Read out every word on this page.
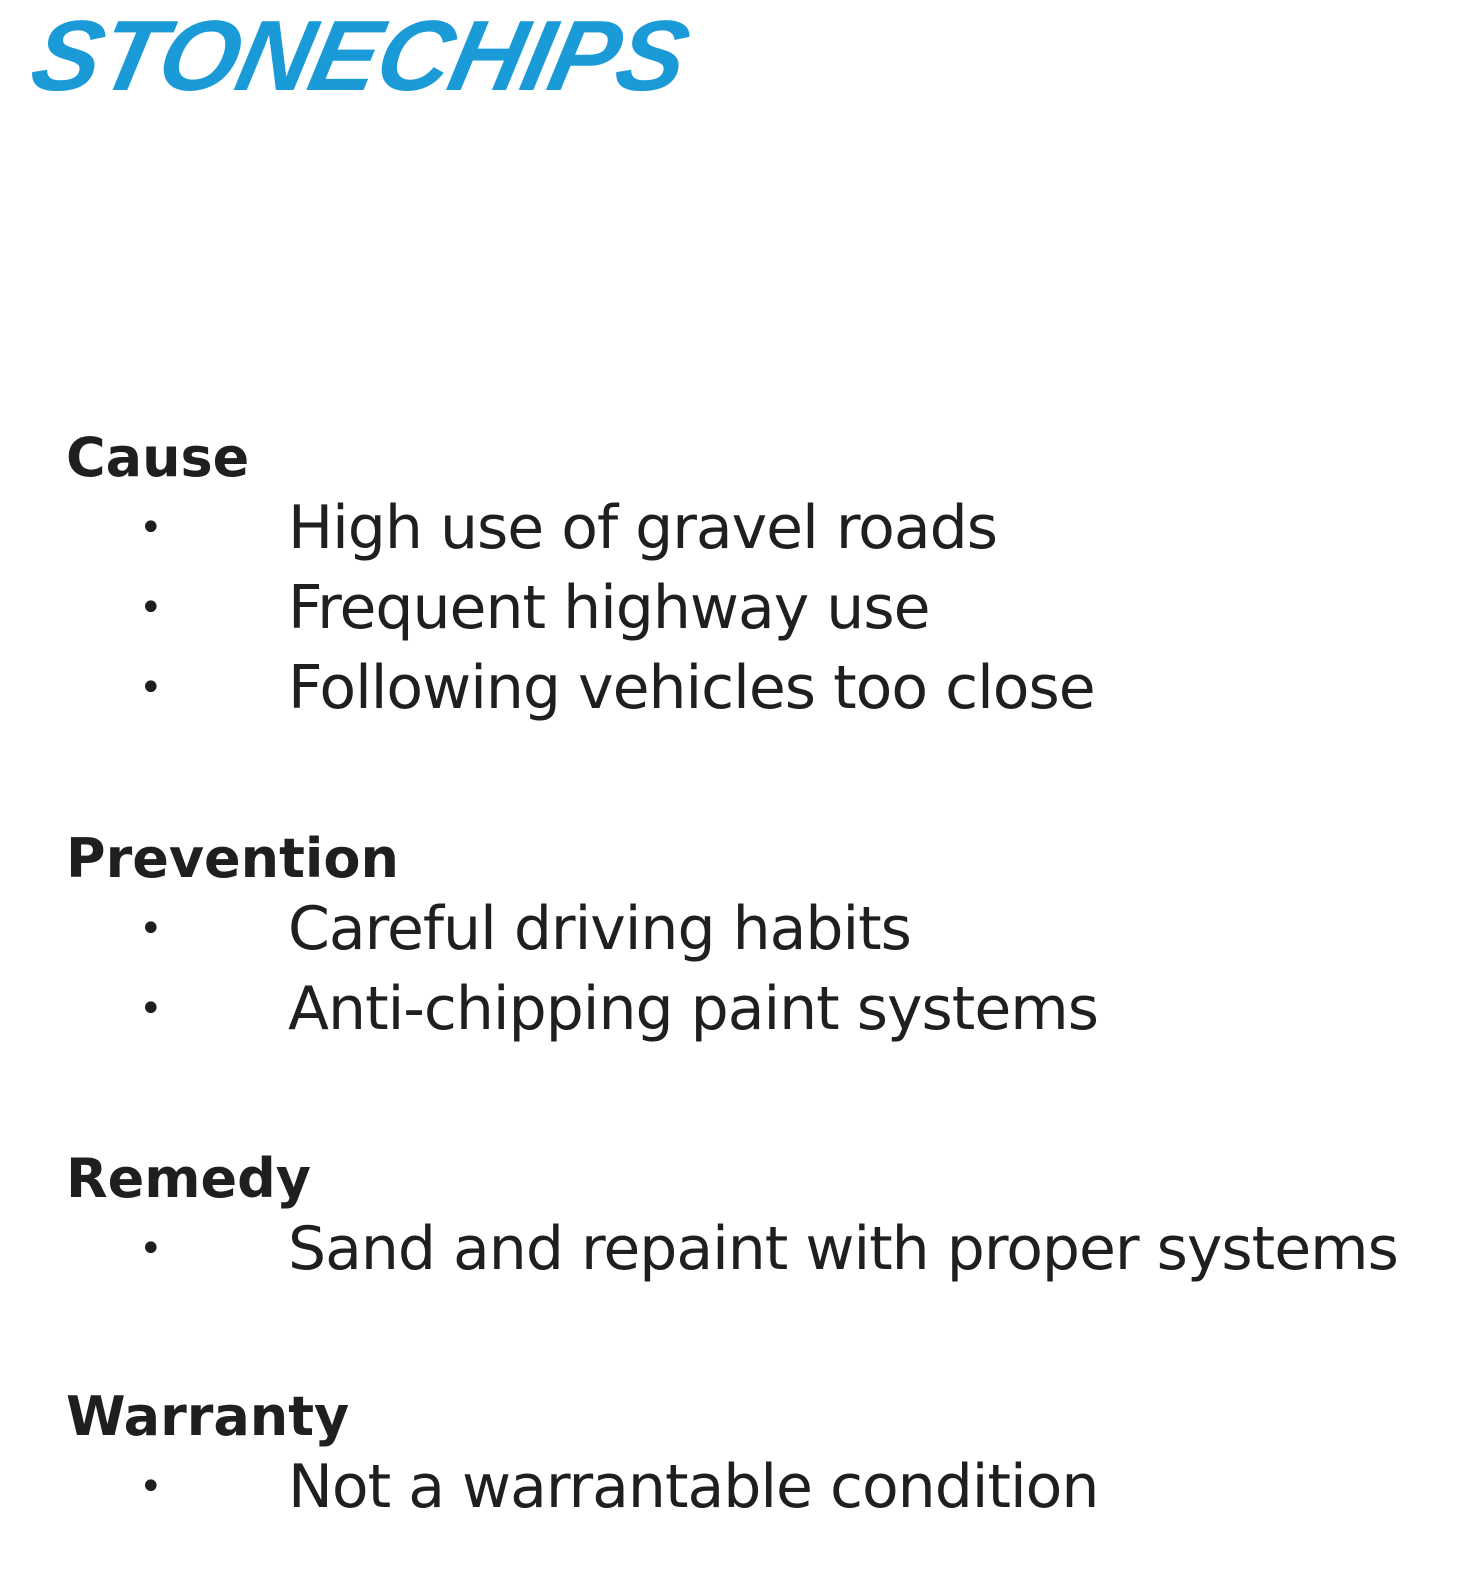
STONECHIPS
Cause
• High use of gravel roads
• Frequent highway use
• Following vehicles too close
Prevention
• Careful driving habits
• Anti-chipping paint systems
Remedy
• Sand and repaint with proper systems
Warranty
• Not a warrantable condition
